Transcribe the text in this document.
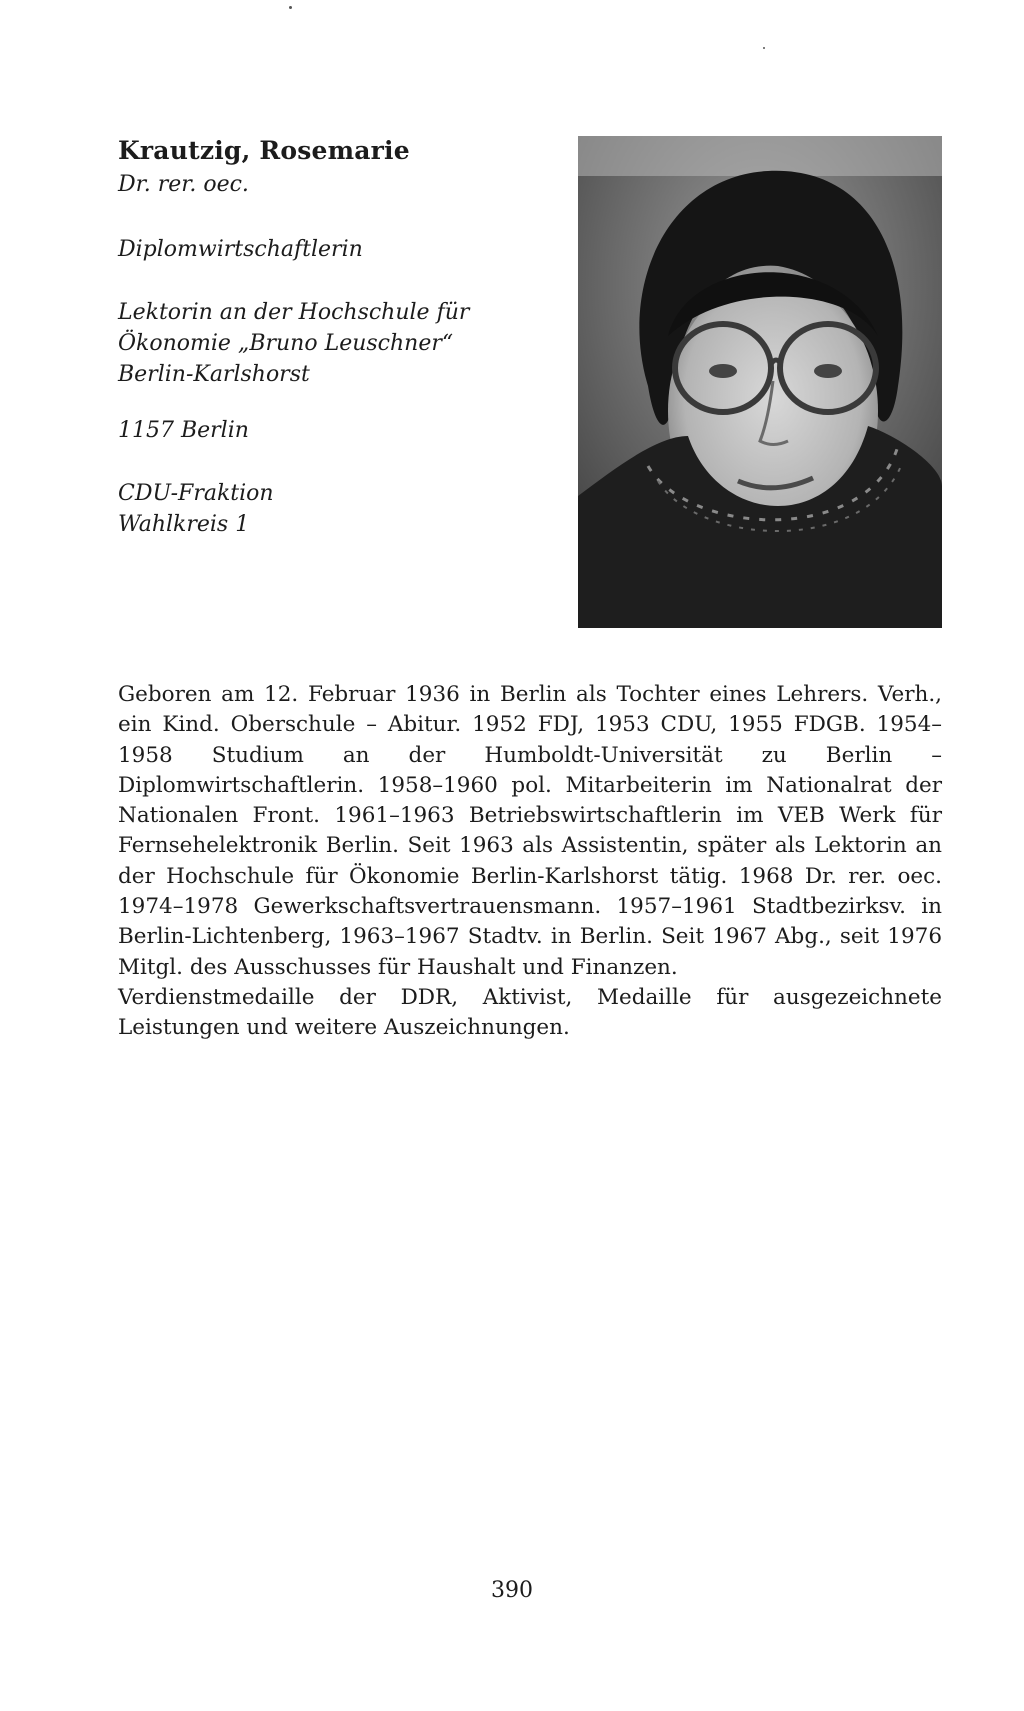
Krautzig, Rosemarie

Dr. rer. oec.

Diplomwirtschaftlerin

Lektorin an der Hochschule für
Ökonomie „Bruno Leuschner“
Berlin-Karlshorst

1157 Berlin

CDU-Fraktion
Wahlkreis 1

Geboren am 12. Februar 1936 in Berlin als Tochter eines Lehrers. Verh., ein Kind. Oberschule – Abitur. 1952 FDJ, 1953 CDU, 1955 FDGB. 1954–1958 Studium an der Humboldt-Universität zu Berlin – Diplomwirtschaftlerin. 1958–1960 pol. Mitarbeiterin im Nationalrat der Nationalen Front. 1961–1963 Betriebswirtschaftlerin im VEB Werk für Fernsehelektronik Berlin. Seit 1963 als Assistentin, später als Lektorin an der Hochschule für Ökonomie Berlin-Karlshorst tätig. 1968 Dr. rer. oec. 1974–1978 Gewerkschaftsvertrauensmann. 1957–1961 Stadtbezirksv. in Berlin-Lichtenberg, 1963–1967 Stadtv. in Berlin. Seit 1967 Abg., seit 1976 Mitgl. des Ausschusses für Haushalt und Finanzen.

Verdienstmedaille der DDR, Aktivist, Medaille für ausgezeichnete Leistungen und weitere Auszeichnungen.

390
